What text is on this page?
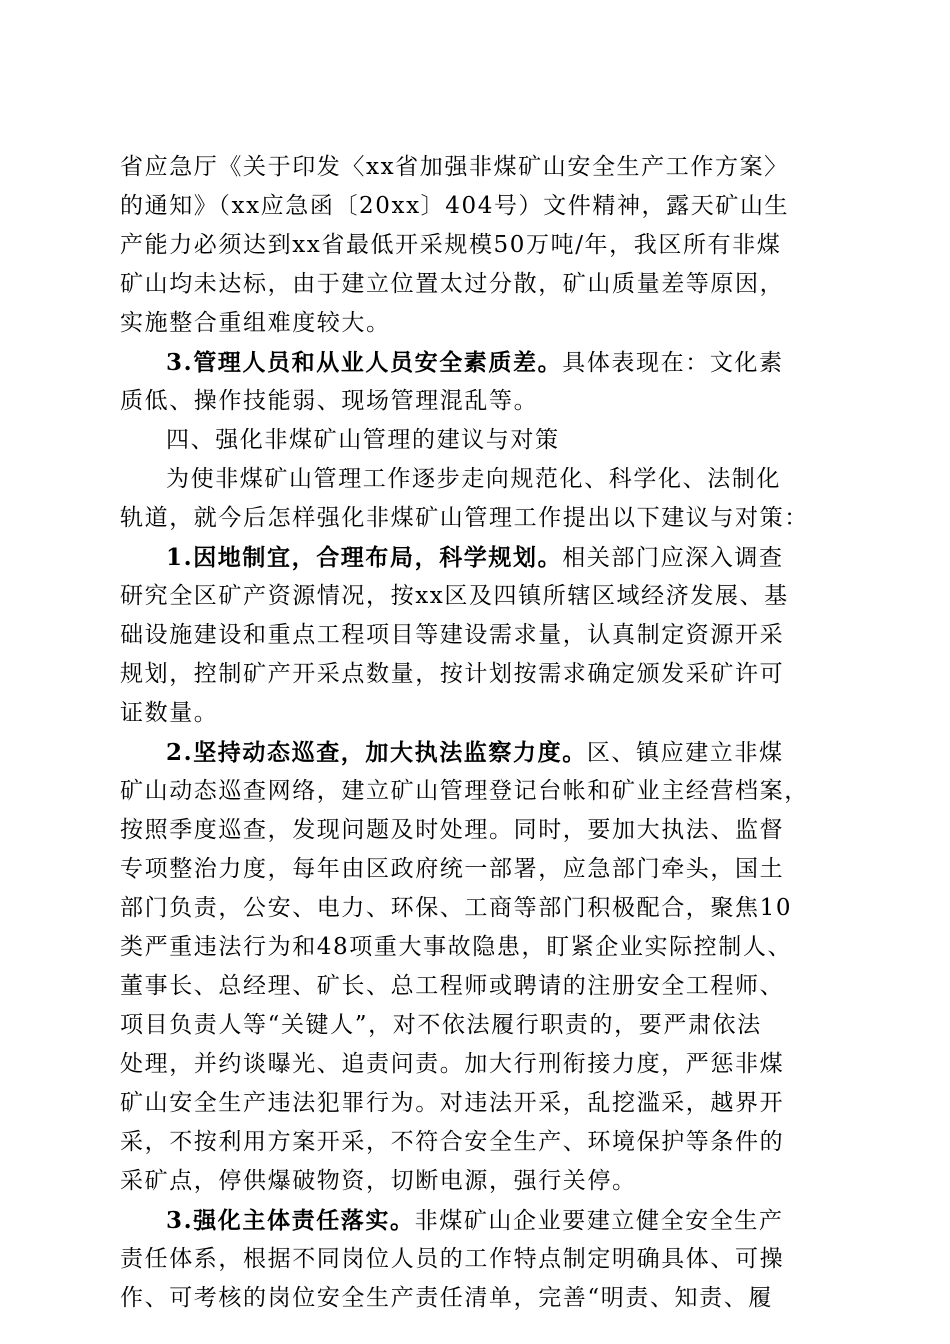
省应急厅《关于印发〈xx省加强非煤矿山安全生产工作方案〉
的通知》（xx应急函〔20xx〕404号）文件精神，露天矿山生
产能力必须达到xx省最低开采规模50万吨/年，我区所有非煤
矿山均未达标，由于建立位置太过分散，矿山质量差等原因，
实施整合重组难度较大。
3.管理人员和从业人员安全素质差。具体表现在：文化素
质低、操作技能弱、现场管理混乱等。
四、强化非煤矿山管理的建议与对策
为使非煤矿山管理工作逐步走向规范化、科学化、法制化
轨道，就今后怎样强化非煤矿山管理工作提出以下建议与对策：
1.因地制宜，合理布局，科学规划。相关部门应深入调查
研究全区矿产资源情况，按xx区及四镇所辖区域经济发展、基
础设施建设和重点工程项目等建设需求量，认真制定资源开采
规划，控制矿产开采点数量，按计划按需求确定颁发采矿许可
证数量。
2.坚持动态巡查，加大执法监察力度。区、镇应建立非煤
矿山动态巡查网络，建立矿山管理登记台帐和矿业主经营档案，
按照季度巡查，发现问题及时处理。同时，要加大执法、监督
专项整治力度，每年由区政府统一部署，应急部门牵头，国土
部门负责，公安、电力、环保、工商等部门积极配合，聚焦10
类严重违法行为和48项重大事故隐患，盯紧企业实际控制人、
董事长、总经理、矿长、总工程师或聘请的注册安全工程师、
项目负责人等“关键人”，对不依法履行职责的，要严肃依法
处理，并约谈曝光、追责问责。加大行刑衔接力度，严惩非煤
矿山安全生产违法犯罪行为。对违法开采，乱挖滥采，越界开
采，不按利用方案开采，不符合安全生产、环境保护等条件的
采矿点，停供爆破物资，切断电源，强行关停。
3.强化主体责任落实。非煤矿山企业要建立健全安全生产
责任体系，根据不同岗位人员的工作特点制定明确具体、可操
作、可考核的岗位安全生产责任清单，完善“明责、知责、履
